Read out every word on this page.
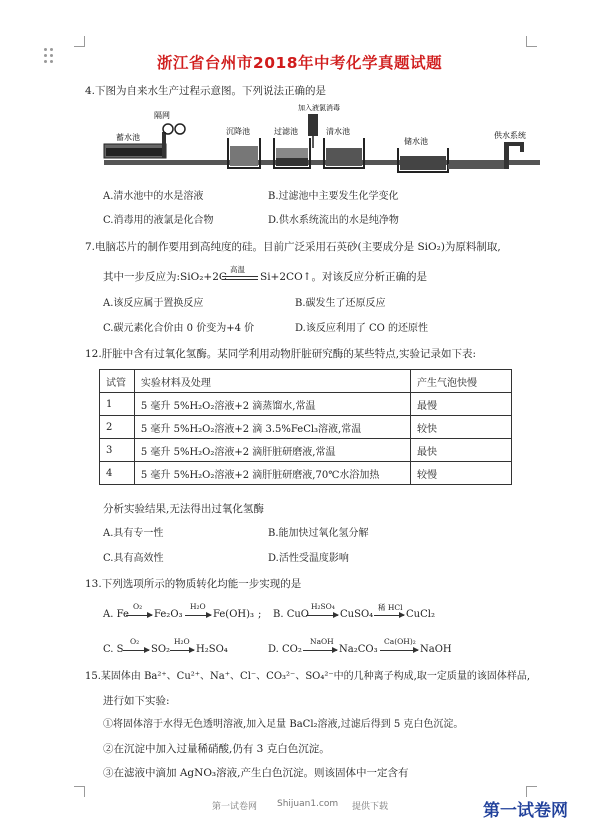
浙江省台州市2018年中考化学真题试题
4.下图为自来水生产过程示意图。下列说法正确的是
蓄水池
隔网
沉降池	过滤池
加入液氯消毒
清水池
储水池
供水系统
A.清水池中的水是溶液	B.过滤池中主要发生化学变化
C.消毒用的液氯是化合物	D.供水系统流出的水是纯净物
7.电脑芯片的制作要用到高纯度的硅。目前广泛采用石英砂(主要成分是 SiO₂)为原料制取,
其中一步反应为:SiO₂+2C
高温
Si+2CO↑。对该反应分析正确的是
A.该反应属于置换反应	B.碳发生了还原反应
C.碳元素化合价由 0 价变为+4 价	D.该反应利用了 CO 的还原性
12.肝脏中含有过氧化氢酶。某同学利用动物肝脏研究酶的某些特点,实验记录如下表:
试管	实验材料及处理	产生气泡快慢
1	5 毫升 5%H₂O₂溶液+2 滴蒸馏水,常温	最慢
2	5 毫升 5%H₂O₂溶液+2 滴 3.5%FeCl₃溶液,常温	较快
3	5 毫升 5%H₂O₂溶液+2 滴肝脏研磨液,常温	最快
4	5 毫升 5%H₂O₂溶液+2 滴肝脏研磨液,70℃水浴加热	较慢
分析实验结果,无法得出过氧化氢酶
A.具有专一性	B.能加快过氧化氢分解
C.具有高效性	D.活性受温度影响
13.下列选项所示的物质转化均能一步实现的是
A. Fe
O₂
Fe₂O₃
H₂O
Fe(OH)₃ ; B. CuO
H₂SO₄
CuSO₄
稀 HCl
CuCl₂
C. S
O₂
SO₂
H₂O
H₂SO₄	D. CO₂
NaOH
Na₂CO₃
Ca(OH)₂
NaOH
15.某固体由 Ba²⁺、Cu²⁺、Na⁺、Cl⁻、CO₃²⁻、SO₄²⁻中的几种离子构成,取一定质量的该固体样品,
进行如下实验:
①将固体溶于水得无色透明溶液,加入足量 BaCl₂溶液,过滤后得到 5 克白色沉淀。
②在沉淀中加入过量稀硝酸,仍有 3 克白色沉淀。
③在滤液中滴加 AgNO₃溶液,产生白色沉淀。则该固体中一定含有
第一试卷网 Shijuan1.com 提供下载	第一试卷网
